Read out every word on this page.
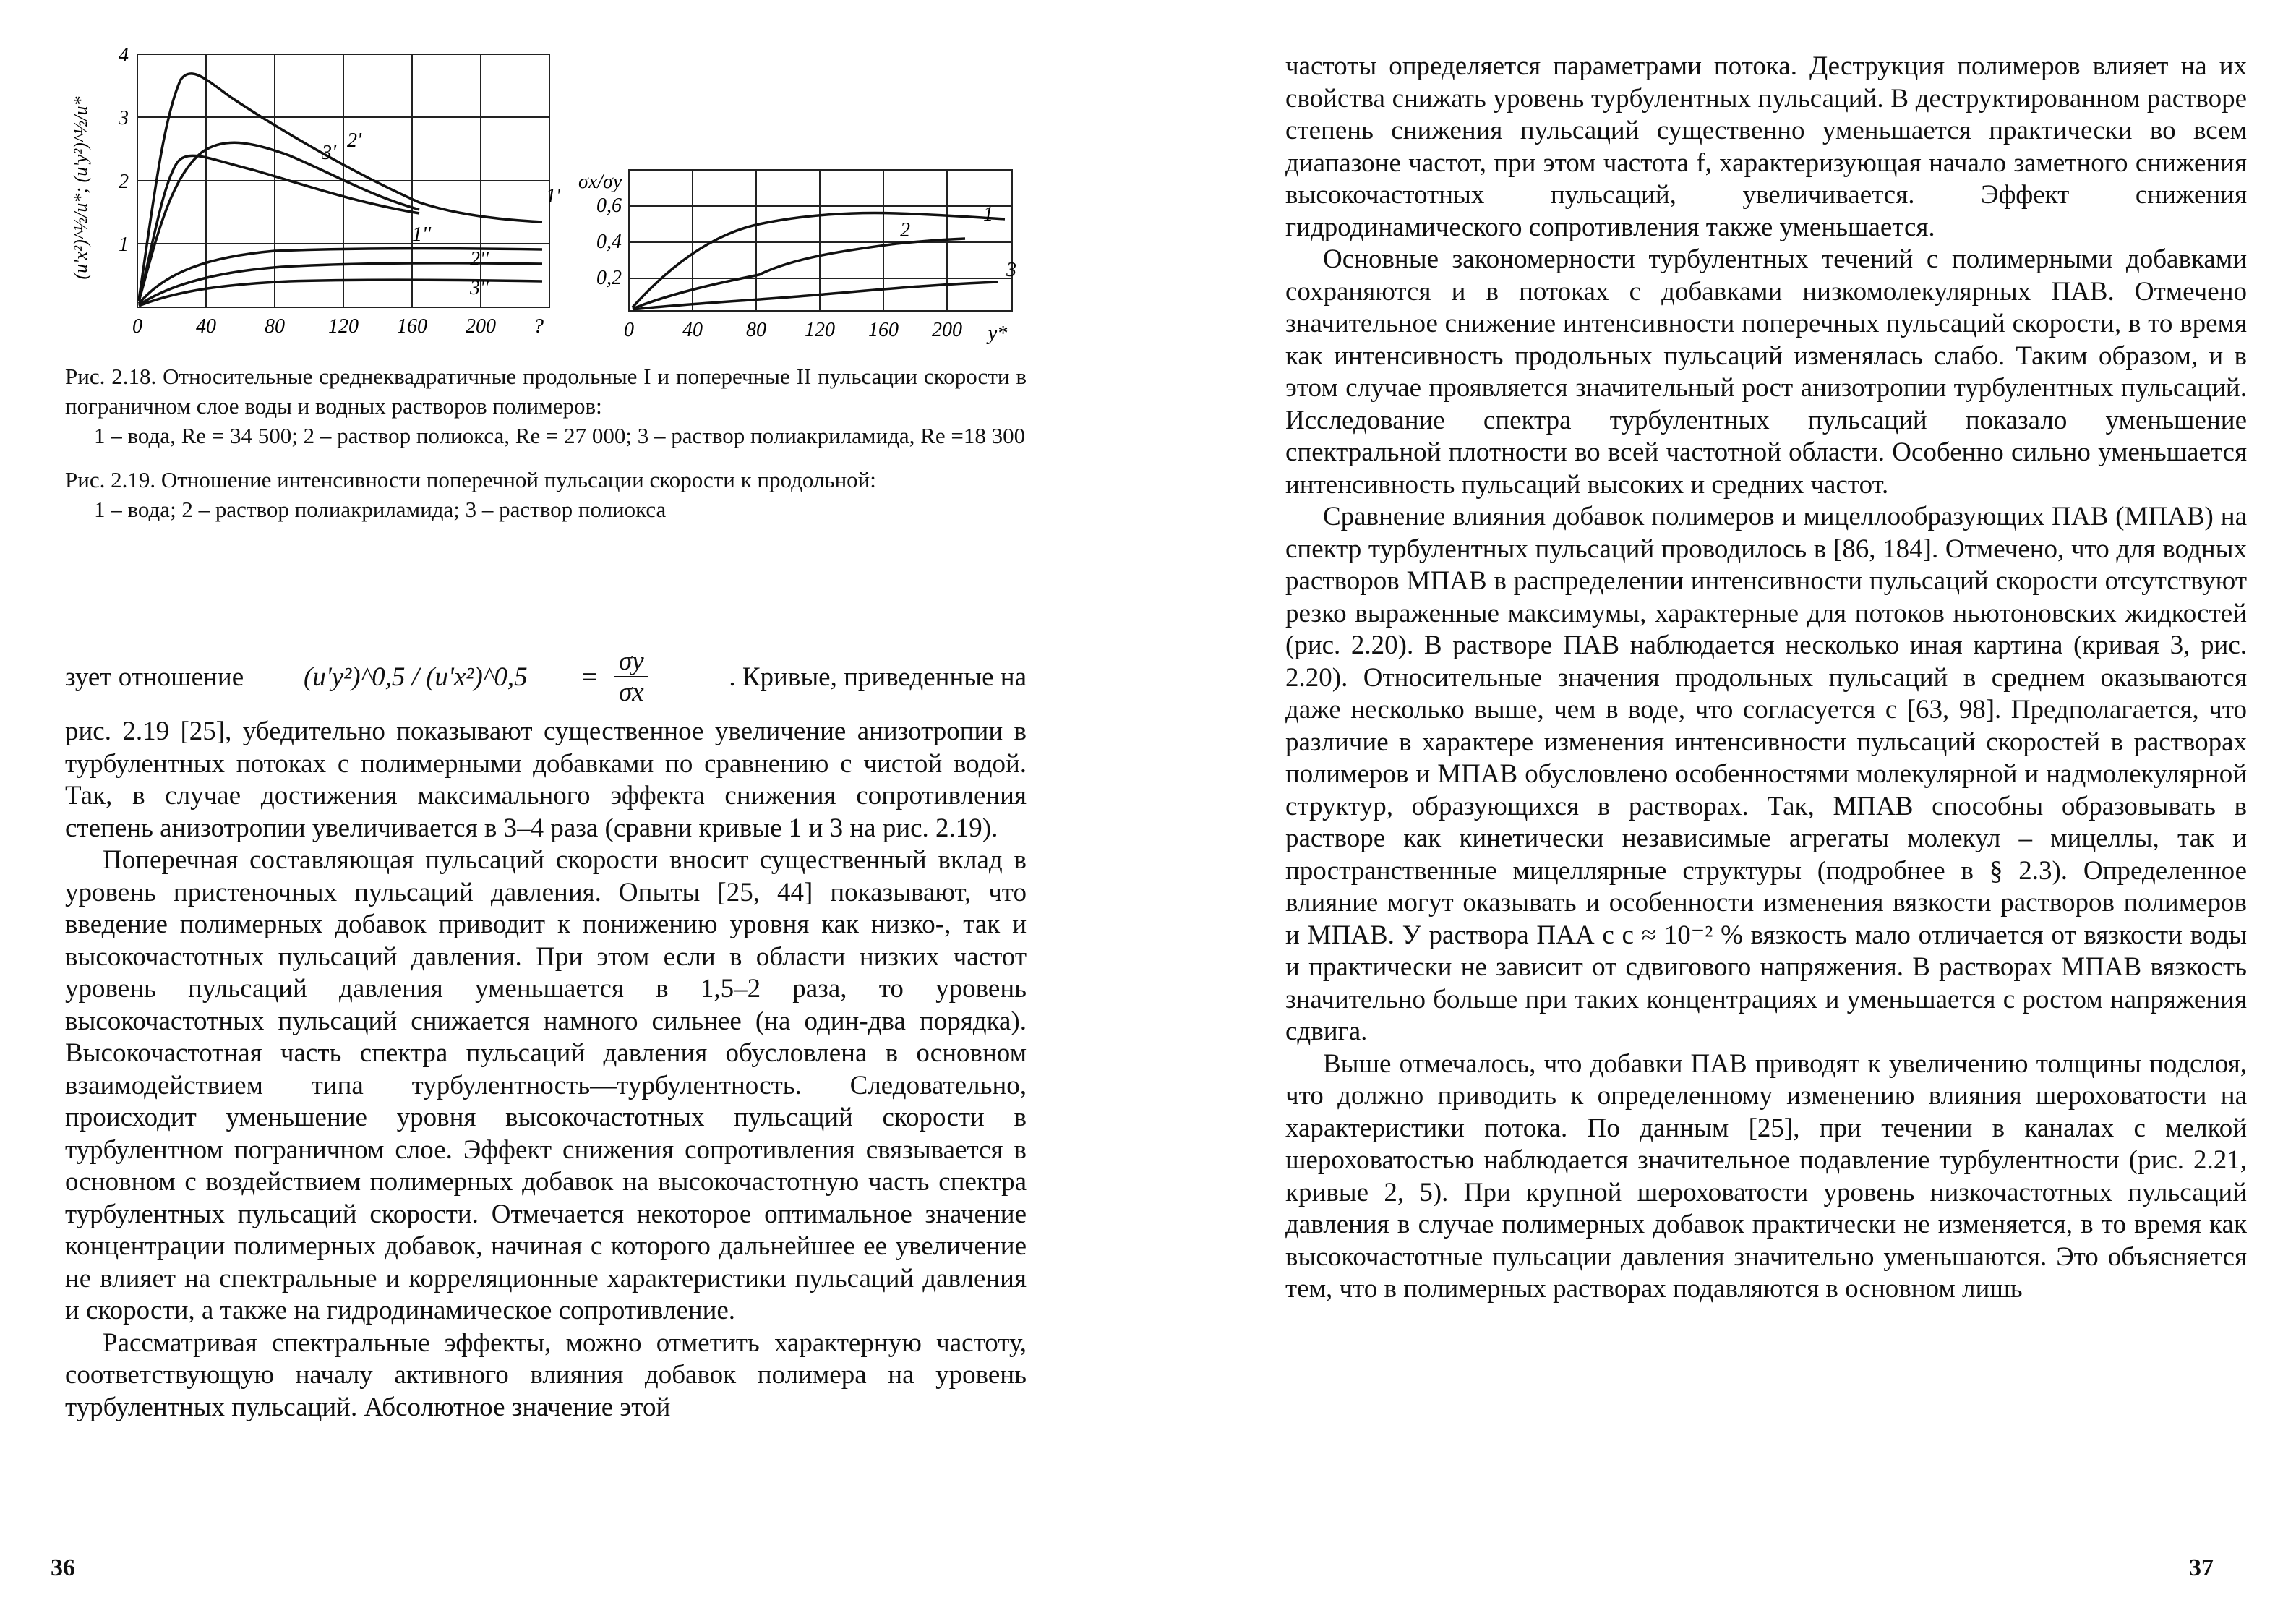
4
3
2
1
0	40 80 120 160 200 ?
(u'x²)^½/u*; (u'y²)^½/u*	1'
2'
3'
1''
2''
3''
0,6
0,4
0,2
σx/σy
0 40 80 120 160 200 y*
1
2
3
Рис. 2.18. Относительные среднеквадратичные продольные I и поперечные II пульсации скорости в пограничном слое воды и водных растворов полимеров:
1 – вода, Re = 34 500; 2 – раствор полиокса, Re = 27 000; 3 – раствор полиакриламида, Re =18 300
Рис. 2.19. Отношение интенсивности поперечной пульсации скорости к продольной:
1 – вода; 2 – раствор полиакриламида; 3 – раствор полиокса
зует отношение (u'y²)^0,5 / (u'x²)^0,5 = $\frac{\sigma y}{\sigma x}$	. Кривые, приведенные на

рис. 2.19 [25], убедительно показывают существенное увеличение анизотропии в турбулентных потоках с полимерными добавками по сравнению с чистой водой. Так, в случае достижения максимального эффекта снижения сопротивления степень анизотропии увеличивается в 3–4 раза (сравни кривые 1 и 3 на рис. 2.19).

Поперечная составляющая пульсаций скорости вносит существенный вклад в уровень пристеночных пульсаций давления. Опыты [25, 44] показывают, что введение полимерных добавок приводит к понижению уровня как низко-, так и высокочастотных пульсаций давления. При этом если в области низких частот уровень пульсаций давления уменьшается в 1,5–2 раза, то уровень высокочастотных пульсаций снижается намного сильнее (на один-два порядка). Высокочастотная часть спектра пульсаций давления обусловлена в основном взаимодействием типа турбулентность—турбулентность. Следовательно, происходит уменьшение уровня высокочастотных пульсаций скорости в турбулентном пограничном слое. Эффект снижения сопротивления связывается в основном с воздействием полимерных добавок на высокочастотную часть спектра турбулентных пульсаций скорости. Отмечается некоторое оптимальное значение концентрации полимерных добавок, начиная с которого дальнейшее ее увеличение не влияет на спектральные и корреляционные характеристики пульсаций давления и скорости, а также на гидродинамическое сопротивление.

Рассматривая спектральные эффекты, можно отметить характерную частоту, соответствующую началу активного влияния добавок полимера на уровень турбулентных пульсаций. Абсолютное значение этой

36

частоты определяется параметрами потока. Деструкция полимеров влияет на их свойства снижать уровень турбулентных пульсаций. В деструктированном растворе степень снижения пульсаций существенно уменьшается практически во всем диапазоне частот, при этом частота f, характеризующая начало заметного снижения высокочастотных пульсаций, увеличивается. Эффект снижения гидродинамического сопротивления также уменьшается.

Основные закономерности турбулентных течений с полимерными добавками сохраняются и в потоках с добавками низкомолекулярных ПАВ. Отмечено значительное снижение интенсивности поперечных пульсаций скорости, в то время как интенсивность продольных пульсаций изменялась слабо. Таким образом, и в этом случае проявляется значительный рост анизотропии турбулентных пульсаций. Исследование спектра турбулентных пульсаций показало уменьшение спектральной плотности во всей частотной области. Особенно сильно уменьшается интенсивность пульсаций высоких и средних частот.

Сравнение влияния добавок полимеров и мицеллообразующих ПАВ (МПАВ) на спектр турбулентных пульсаций проводилось в [86, 184]. Отмечено, что для водных растворов МПАВ в распределении интенсивности пульсаций скорости отсутствуют резко выраженные максимумы, характерные для потоков ньютоновских жидкостей (рис. 2.20). В растворе ПАВ наблюдается несколько иная картина (кривая 3, рис. 2.20). Относительные значения продольных пульсаций в среднем оказываются даже несколько выше, чем в воде, что согласуется с [63, 98]. Предполагается, что различие в характере изменения интенсивности пульсаций скоростей в растворах полимеров и МПАВ обусловлено особенностями молекулярной и надмолекулярной структур, образующихся в растворах. Так, МПАВ способны образовывать в растворе как кинетически независимые агрегаты молекул – мицеллы, так и пространственные мицеллярные структуры (подробнее в § 2.3). Определенное влияние могут оказывать и особенности изменения вязкости растворов полимеров и МПАВ. У раствора ПАА с c ≈ 10⁻² % вязкость мало отличается от вязкости воды и практически не зависит от сдвигового напряжения. В растворах МПАВ вязкость значительно больше при таких концентрациях и уменьшается с ростом напряжения сдвига.

Выше отмечалось, что добавки ПАВ приводят к увеличению толщины подслоя, что должно приводить к определенному изменению влияния шероховатости на характеристики потока. По данным [25], при течении в каналах с мелкой шероховатостью наблюдается значительное подавление турбулентности (рис. 2.21, кривые 2, 5). При крупной шероховатости уровень низкочастотных пульсаций давления в случае полимерных добавок практически не изменяется, в то время как высокочастотные пульсации давления значительно уменьшаются. Это объясняется тем, что в полимерных растворах подавляются в основном лишь

37
